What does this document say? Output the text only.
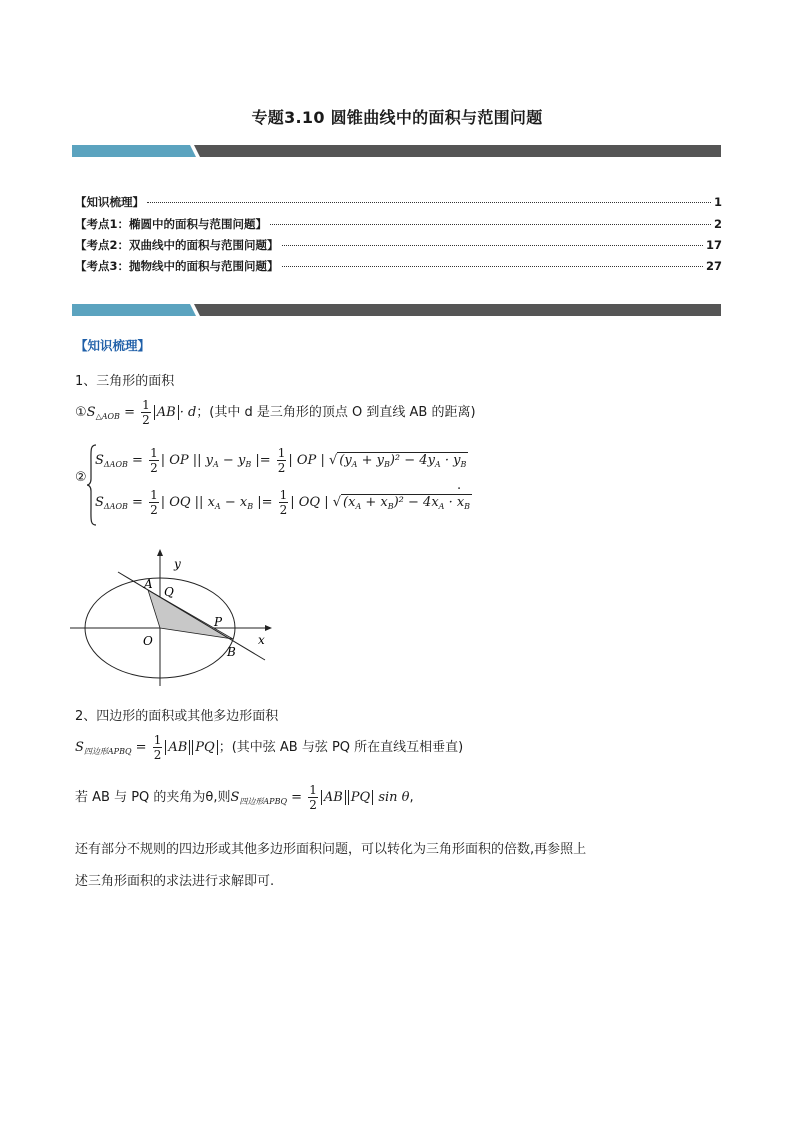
专题3.10 圆锥曲线中的面积与范围问题
【知识梳理】	1
【考点1：椭圆中的面积与范围问题】	2
【考点2：双曲线中的面积与范围问题】	17
【考点3：抛物线中的面积与范围问题】	27
【知识梳理】
1、三角形的面积
$①S_{\triangle AOB} = \frac{1}{2}$ AB · d；(其中 d 是三角形的顶点 O 到直线 AB 的距离)
②
$S_{\Delta AOB} = \frac{1}{2}$ | OP || $y_A - y_B$ |= $\frac{1}{2}$ | OP | √ $(y_A + y_B)^2 - 4y_A \cdot y_B$
$S_{\Delta AOB} = \frac{1}{2}$ | OQ || $x_A - x_B$ |= $\frac{1}{2}$ | OQ | √ $(x_A + x_B)^2 - 4x_A \cdot x_B$
.
y
x
A
Q
P
O
B
2、四边形的面积或其他多边形面积
$S_{四边形APBQ} = \frac{1}{2}$ AB PQ ；(其中弦 AB 与弦 PQ 所在直线互相垂直)
若 AB 与 PQ 的夹角为θ,则$S_{四边形APBQ} = \frac{1}{2}$ AB PQ sin θ,
还有部分不规则的四边形或其他多边形面积问题，可以转化为三角形面积的倍数,再参照上
述三角形面积的求法进行求解即可.
